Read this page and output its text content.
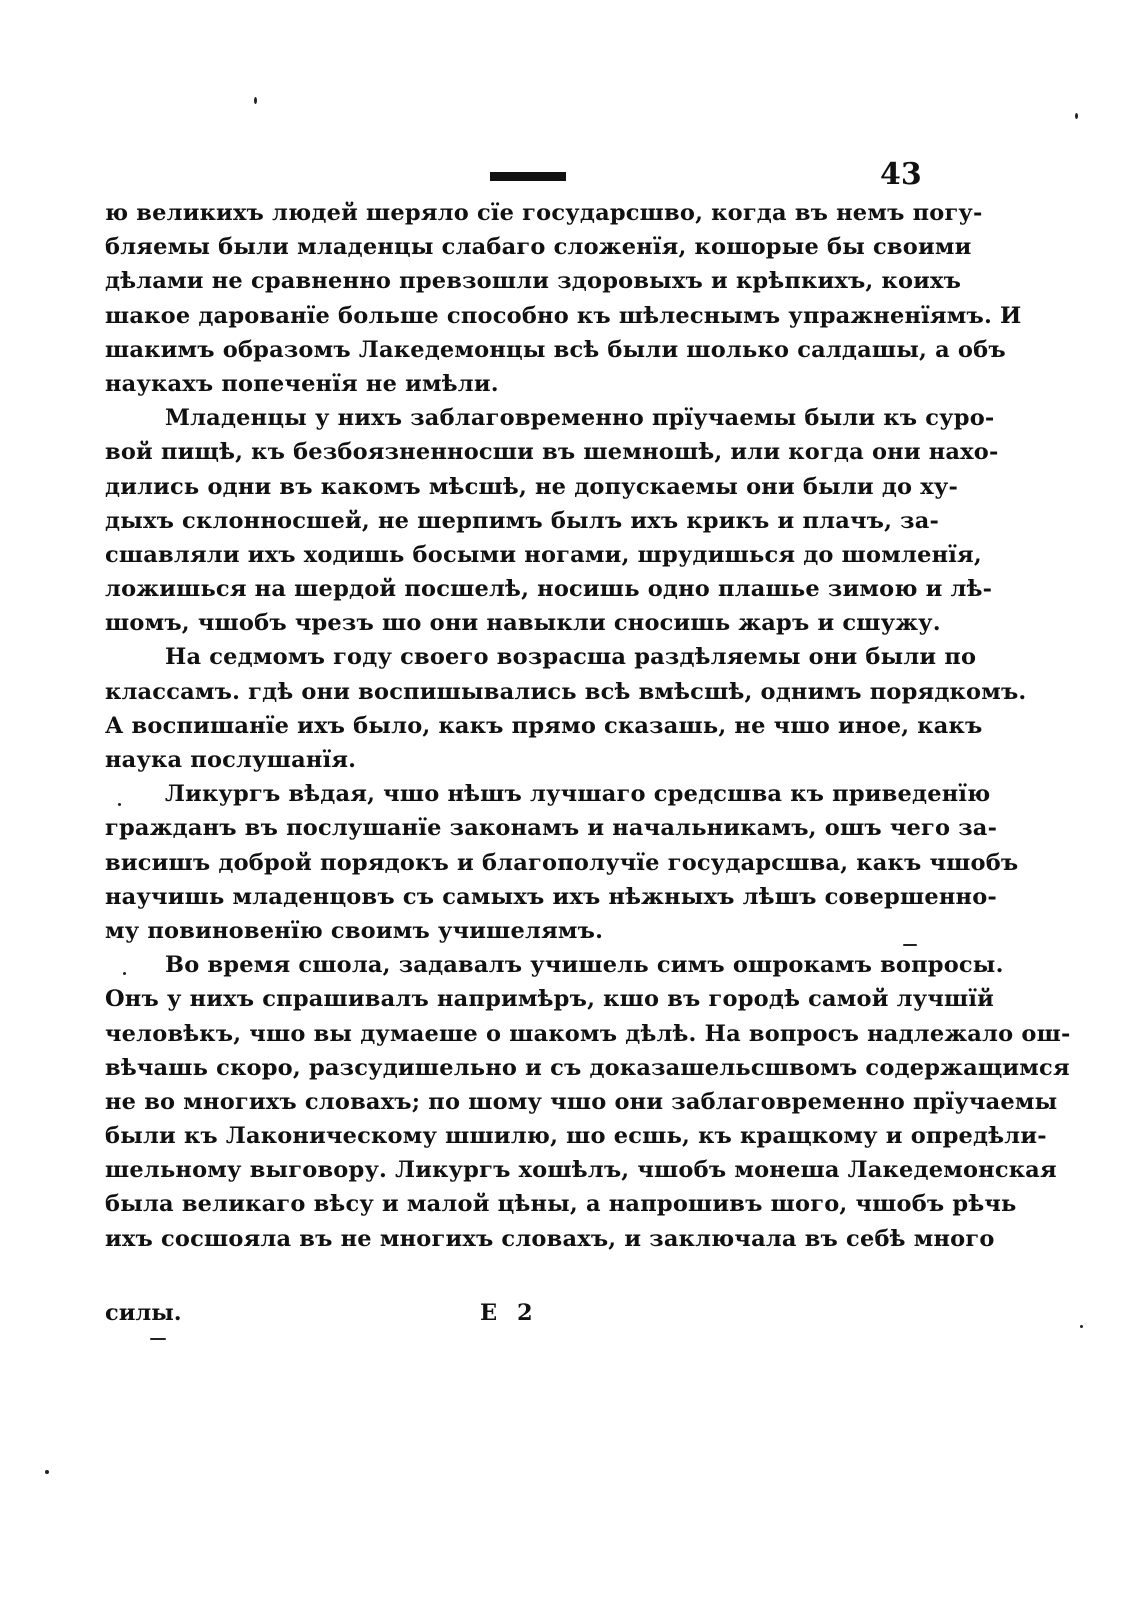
43
ю великихъ людей шеряло сїе государсшво, когда въ немъ погу-
бляемы были младенцы слабаго сложенїя, кошорые бы своими
дѣлами не сравненно превзошли здоровыхъ и крѣпкихъ, коихъ
шакое дарованїе больше способно къ шѣлеснымъ упражненїямъ. И
шакимъ образомъ Лакедемонцы всѣ были шолько салдашы, а объ
наукахъ попеченїя не имѣли.
Младенцы у нихъ заблаговременно прїучаемы были къ суро-
вой пищѣ, къ безбоязненносши въ шемношѣ, или когда они нахо-
дились одни въ какомъ мѣсшѣ, не допускаемы они были до ху-
дыхъ склонносшей, не шерпимъ былъ ихъ крикъ и плачъ, за-
сшавляли ихъ ходишь босыми ногами, шрудишься до шомленїя,
ложишься на шердой посшелѣ, носишь одно плашье зимою и лѣ-
шомъ, чшобъ чрезъ шо они навыкли сносишь жаръ и сшужу.
На седмомъ году своего возрасша раздѣляемы они были по
классамъ. гдѣ они воспишывались всѣ вмѣсшѣ, однимъ порядкомъ.
А воспишанїе ихъ было, какъ прямо сказашь, не чшо иное, какъ
наука послушанїя.
Ликургъ вѣдая, чшо нѣшъ лучшаго средсшва къ приведенїю
гражданъ въ послушанїе законамъ и начальникамъ, ошъ чего за-
висишъ доброй порядокъ и благополучїе государсшва, какъ чшобъ
научишь младенцовъ съ самыхъ ихъ нѣжныхъ лѣшъ совершенно-
му повиновенїю своимъ учишелямъ.
Во время сшола, задавалъ учишель симъ ошрокамъ вопросы.
Онъ у нихъ спрашивалъ напримѣръ, кшо въ городѣ самой лучшїй
человѣкъ, чшо вы думаеше о шакомъ дѣлѣ. На вопросъ надлежало ош-
вѣчашь скоро, разсудишельно и съ доказашельсшвомъ содержащимся
не во многихъ словахъ; по шому чшо они заблаговременно прїучаемы
были къ Лаконическому шшилю, шо есшь, къ кращкому и опредѣли-
шельному выговору. Ликургъ хошѣлъ, чшобъ монеша Лакедемонская
была великаго вѣсу и малой цѣны, а напрошивъ шого, чшобъ рѣчь
ихъ сосшояла въ не многихъ словахъ, и заключала въ себѣ много
силы.	Е 2
